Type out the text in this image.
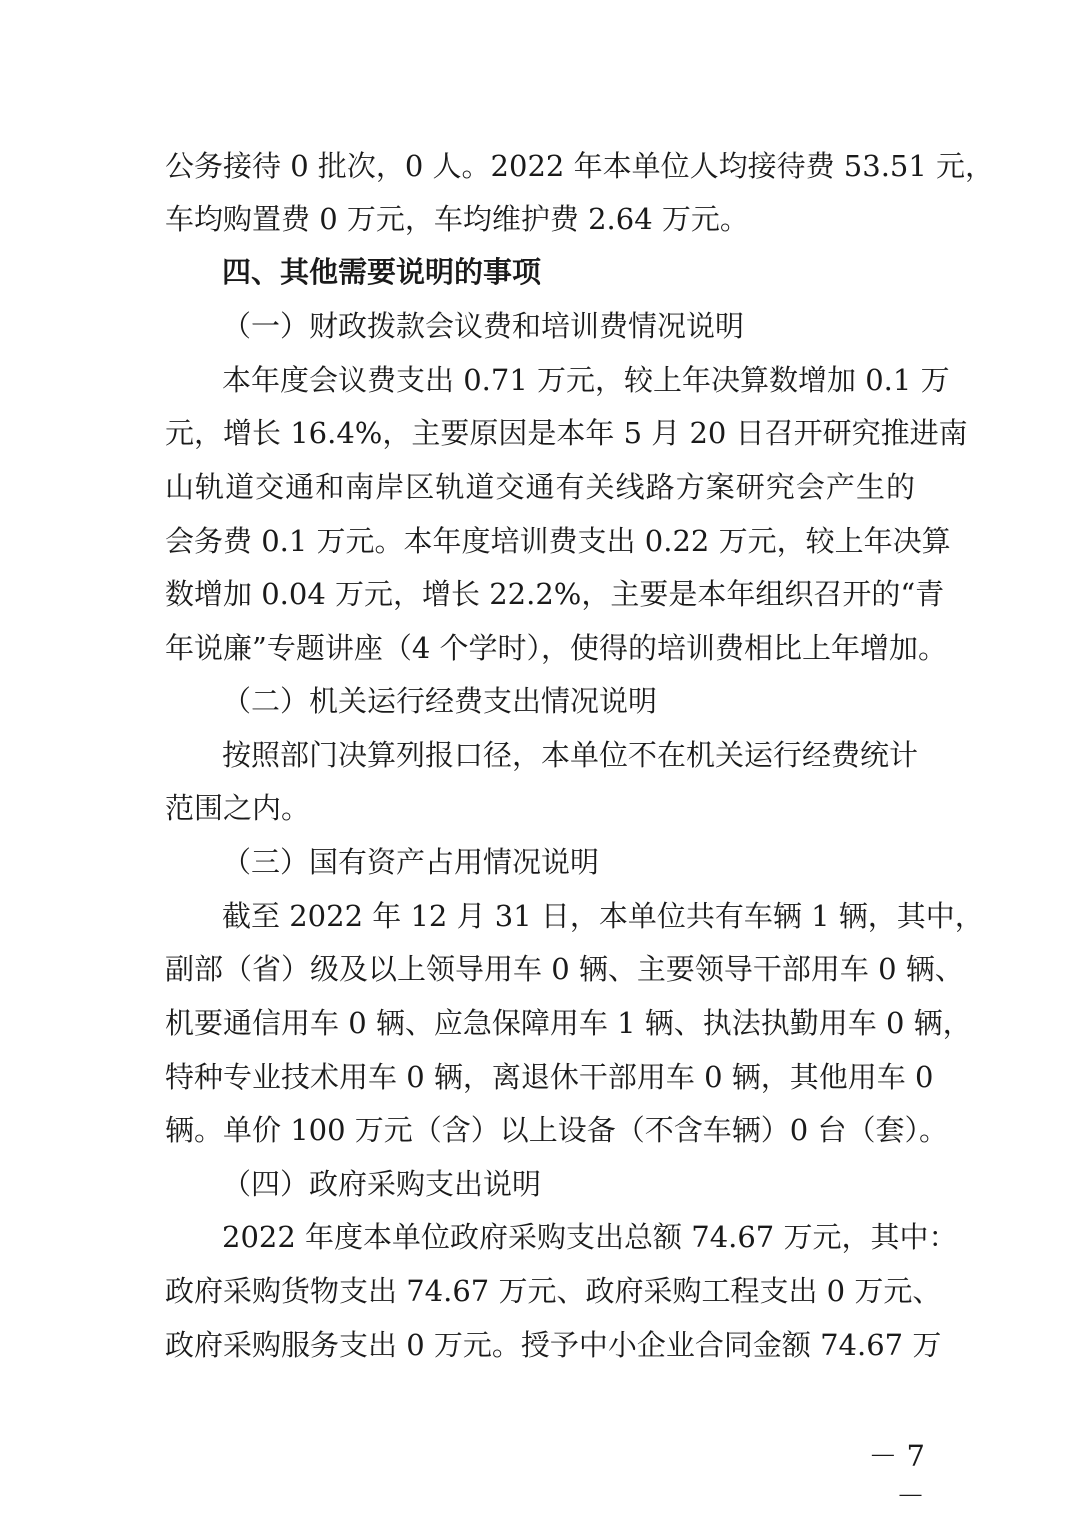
公务接待 0 批次，0 人。2022 年本单位人均接待费 53.51 元，
车均购置费 0 万元，车均维护费 2.64 万元。
四、其他需要说明的事项
（一）财政拨款会议费和培训费情况说明
本年度会议费支出 0.71 万元，较上年决算数增加 0.1 万
元，增长 16.4%，主要原因是本年 5 月 20 日召开研究推进南
山轨道交通和南岸区轨道交通有关线路方案研究会产生的
会务费 0.1 万元。本年度培训费支出 0.22 万元，较上年决算
数增加 0.04 万元，增长 22.2%，主要是本年组织召开的“青
年说廉”专题讲座（4 个学时），使得的培训费相比上年增加。
（二）机关运行经费支出情况说明
按照部门决算列报口径，本单位不在机关运行经费统计
范围之内。
（三）国有资产占用情况说明
截至 2022 年 12 月 31 日，本单位共有车辆 1 辆，其中，
副部（省）级及以上领导用车 0 辆、主要领导干部用车 0 辆、
机要通信用车 0 辆、应急保障用车 1 辆、执法执勤用车 0 辆，
特种专业技术用车 0 辆，离退休干部用车 0 辆，其他用车 0
辆。单价 100 万元（含）以上设备（不含车辆）0 台（套）。
（四）政府采购支出说明
2022 年度本单位政府采购支出总额 74.67 万元，其中：
政府采购货物支出 74.67 万元、政府采购工程支出 0 万元、
政府采购服务支出 0 万元。授予中小企业合同金额 74.67 万
－ 7 －
